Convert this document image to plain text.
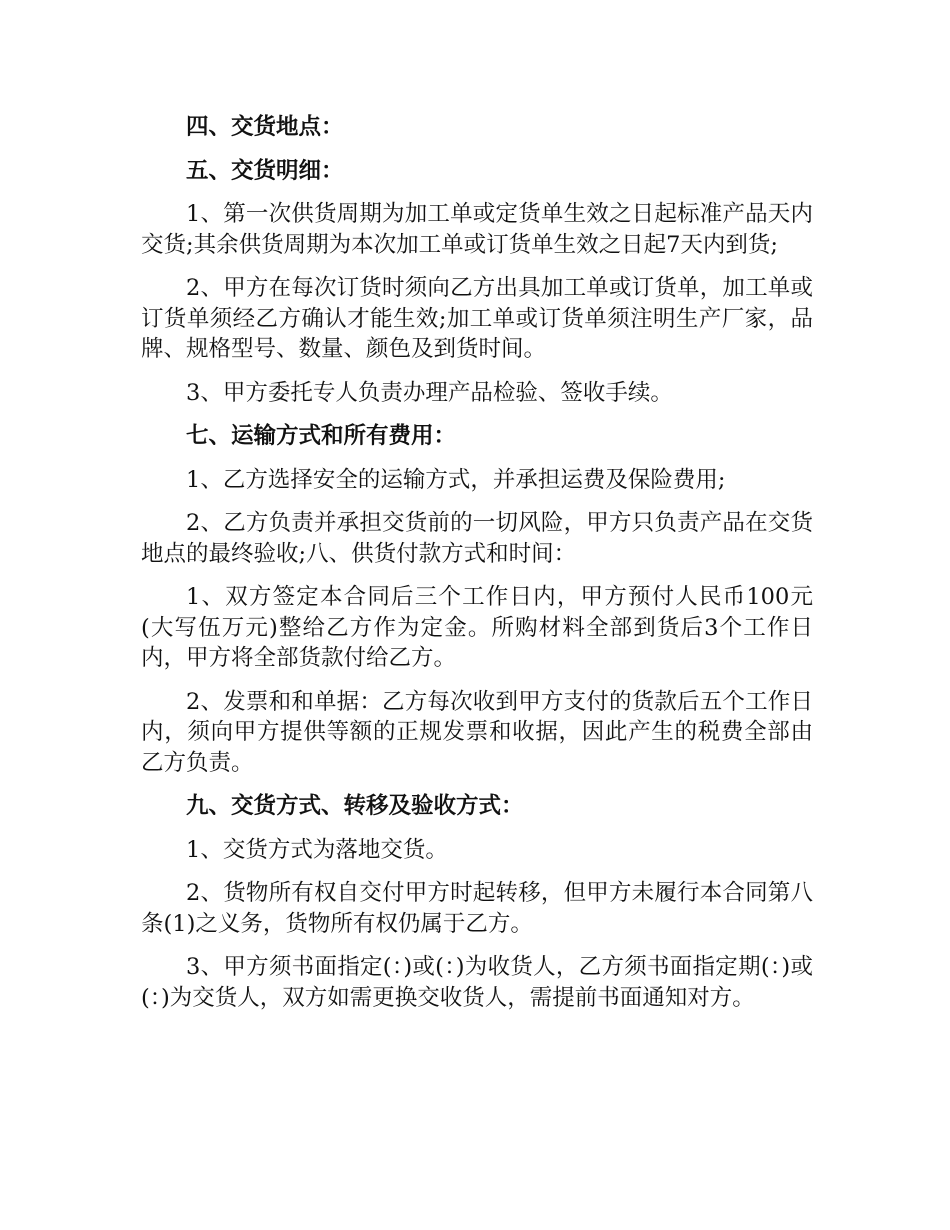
四、交货地点：

五、交货明细：

1、第一次供货周期为加工单或定货单生效之日起标准产品天内交货;其余供货周期为本次加工单或订货单生效之日起7天内到货;

2、甲方在每次订货时须向乙方出具加工单或订货单，加工单或订货单须经乙方确认才能生效;加工单或订货单须注明生产厂家，品牌、规格型号、数量、颜色及到货时间。

3、甲方委托专人负责办理产品检验、签收手续。

七、运输方式和所有费用：

1、乙方选择安全的运输方式，并承担运费及保险费用;

2、乙方负责并承担交货前的一切风险，甲方只负责产品在交货地点的最终验收;八、供货付款方式和时间：

1、双方签定本合同后三个工作日内，甲方预付人民币100元(大写伍万元)整给乙方作为定金。所购材料全部到货后3个工作日内，甲方将全部货款付给乙方。

2、发票和和单据：乙方每次收到甲方支付的货款后五个工作日内，须向甲方提供等额的正规发票和收据，因此产生的税费全部由乙方负责。

九、交货方式、转移及验收方式：

1、交货方式为落地交货。

2、货物所有权自交付甲方时起转移，但甲方未履行本合同第八条(1)之义务，货物所有权仍属于乙方。

3、甲方须书面指定(：)或(：)为收货人，乙方须书面指定期(：)或(：)为交货人，双方如需更换交收货人，需提前书面通知对方。
